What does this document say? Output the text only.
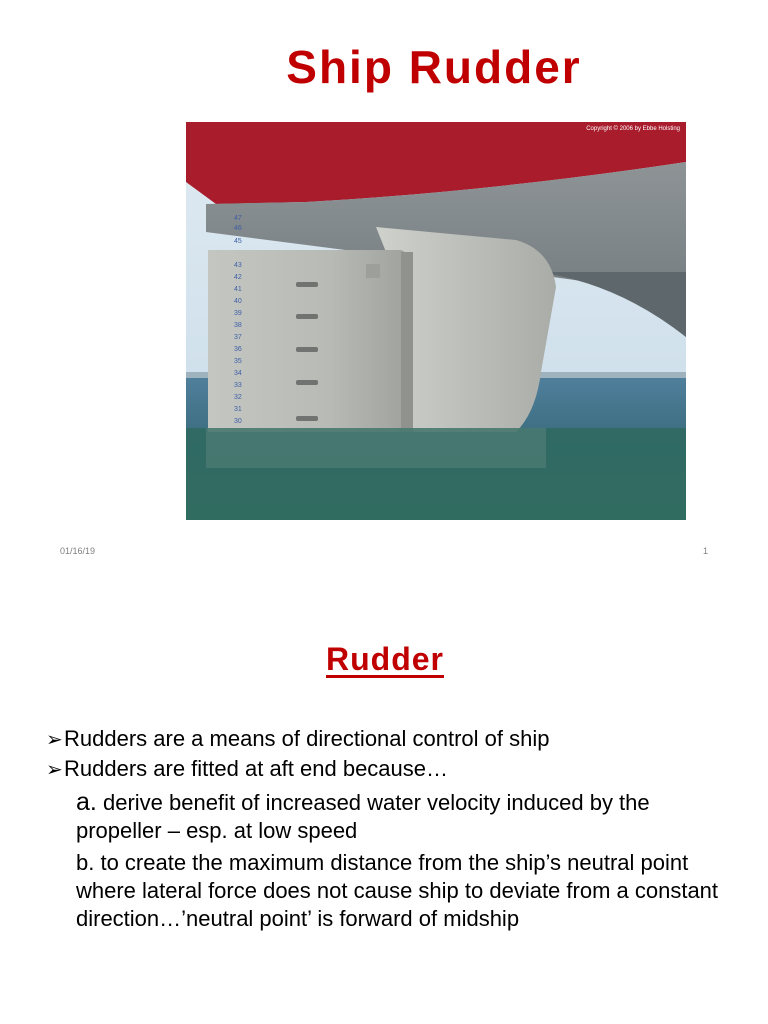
Ship Rudder
47
46
45
43
42
41
40
39
38
37
36
35
34
33
32
31
30
Copyright © 2006 by Ebbe Holsting
01/16/19	1
Rudder
➢ Rudders are a means of directional control of ship
➢ Rudders are fitted at aft end because…
a. derive benefit of increased water velocity induced by the propeller – esp. at low speed
b. to create the maximum distance from the ship’s neutral point where lateral force does not cause ship to deviate from a constant direction…’neutral point’ is forward of midship
